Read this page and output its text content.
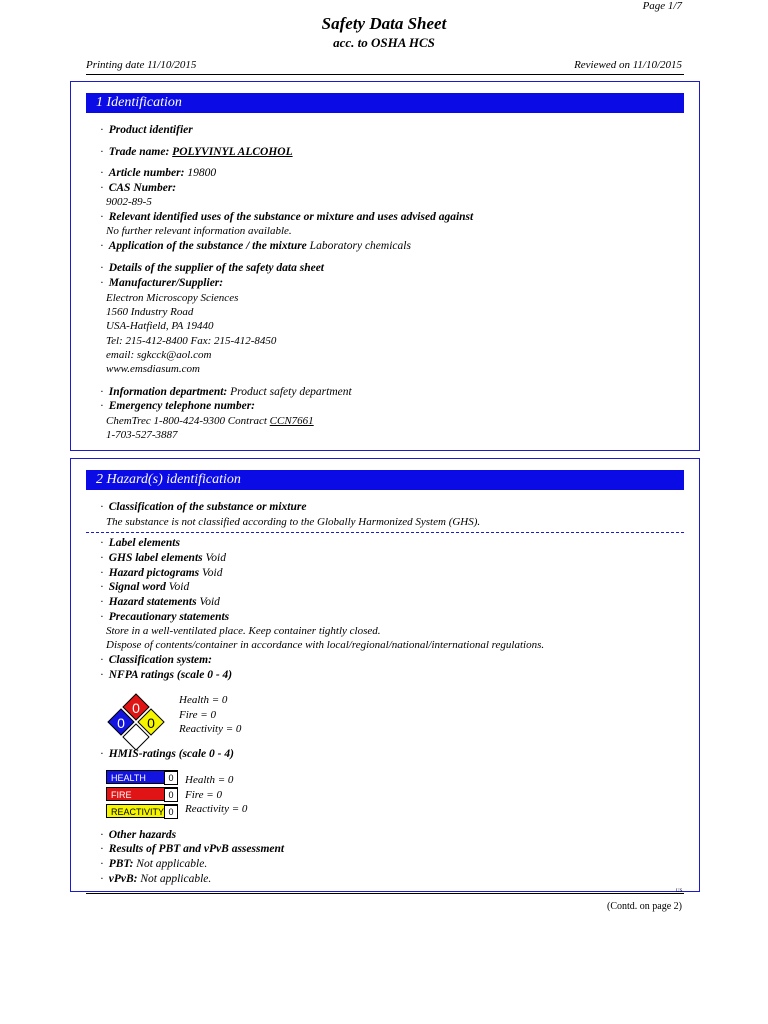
Page 1/7
Safety Data Sheet
acc. to OSHA HCS
Printing date 11/10/2015	Reviewed on 11/10/2015
1 Identification
· Product identifier
· Trade name: POLYVINYL ALCOHOL
· Article number: 19800
· CAS Number:
9002-89-5
· Relevant identified uses of the substance or mixture and uses advised against
No further relevant information available.
· Application of the substance / the mixture Laboratory chemicals
· Details of the supplier of the safety data sheet
· Manufacturer/Supplier:
Electron Microscopy Sciences
1560 Industry Road
USA-Hatfield, PA 19440
Tel: 215-412-8400 Fax: 215-412-8450
email: sgkcck@aol.com
www.emsdiasum.com
· Information department: Product safety department
· Emergency telephone number:
ChemTrec 1-800-424-9300 Contract CCN7661
1-703-527-3887
2 Hazard(s) identification
· Classification of the substance or mixture
The substance is not classified according to the Globally Harmonized System (GHS).
· Label elements
· GHS label elements Void
· Hazard pictograms Void
· Signal word Void
· Hazard statements Void
· Precautionary statements
Store in a well-ventilated place. Keep container tightly closed.
Dispose of contents/container in accordance with local/regional/national/international regulations.
· Classification system:
· NFPA ratings (scale 0 - 4)
0
0 0
Health = 0
Fire = 0
Reactivity = 0
· HMIS-ratings (scale 0 - 4)
HEALTH	0
FIRE	0
REACTIVITY 0
Health = 0
Fire = 0
Reactivity = 0
· Other hazards
· Results of PBT and vPvB assessment
· PBT: Not applicable.
· vPvB: Not applicable.
US
(Contd. on page 2)
